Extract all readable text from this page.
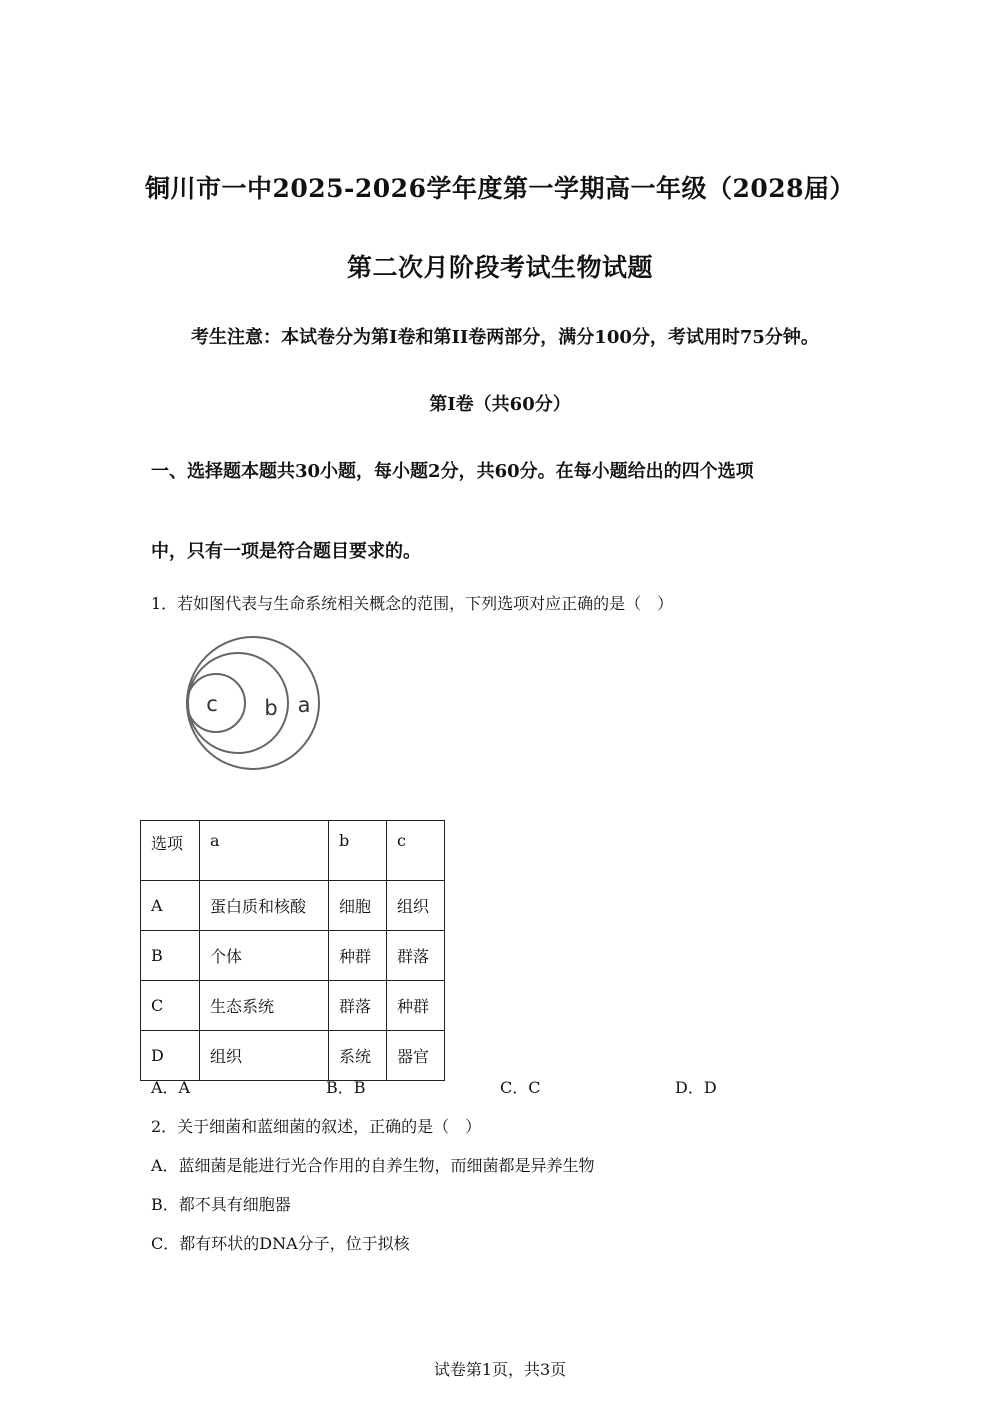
铜川市一中2025-2026学年度第一学期高一年级（2028届）
第二次月阶段考试生物试题
考生注意：本试卷分为第I卷和第II卷两部分，满分100分，考试用时75分钟。
第I卷（共60分）
一、选择题本题共30小题，每小题2分，共60分。在每小题给出的四个选项
中，只有一项是符合题目要求的。
1．若如图代表与生命系统相关概念的范围，下列选项对应正确的是（　）
c b a
选项	a	b	c
A	蛋白质和核酸	细胞	组织
B	个体	种群	群落
C	生态系统	群落	种群
D	组织	系统	器官
A．A	B．B	C．C	D．D
2．关于细菌和蓝细菌的叙述，正确的是（　）
A．蓝细菌是能进行光合作用的自养生物，而细菌都是异养生物
B．都不具有细胞器
C．都有环状的DNA分子，位于拟核
试卷第1页，共3页
